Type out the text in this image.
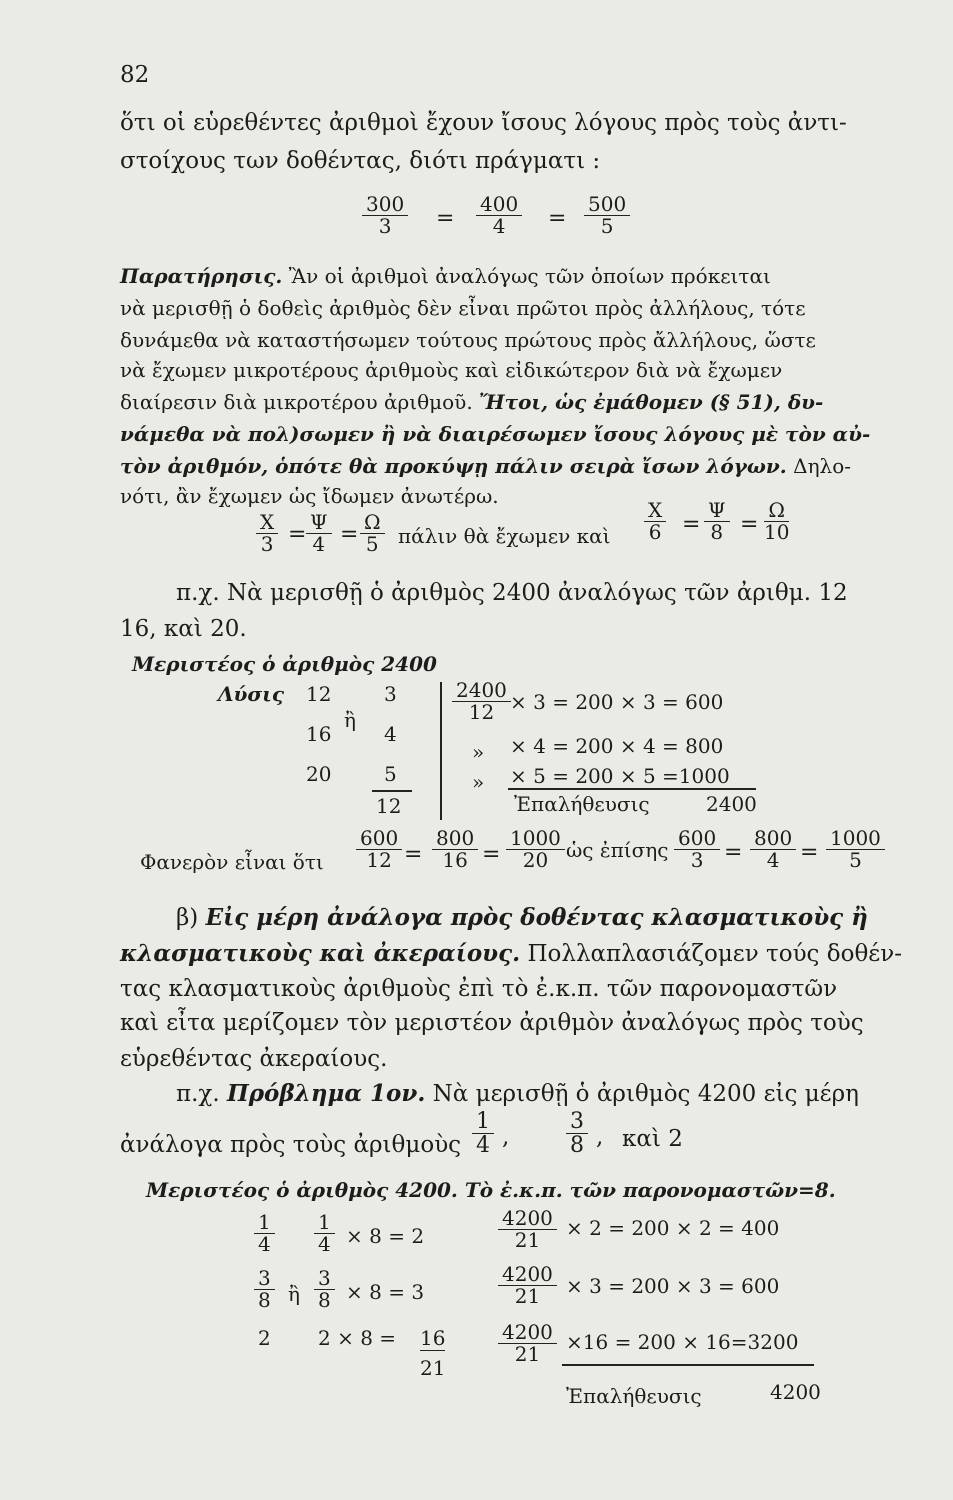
82
ὅτι οἱ εὑρεθέντες ἀριθμοὶ ἔχουν ἴσους λόγους πρὸς τοὺς ἀντι-
στοίχους των δοθέντας, διότι πράγματι :
300
3 =
400
4 =
500
5
Παρατήρησις. Ἂν οἱ ἀριθμοὶ ἀναλόγως τῶν ὁποίων πρόκειται
νὰ μερισθῇ ὁ δοθεὶς ἀριθμὸς δὲν εἶναι πρῶτοι πρὸς ἀλλήλους, τότε
δυνάμεθα νὰ καταστήσωμεν τούτους πρώτους πρὸς ἄλλήλους, ὥστε
νὰ ἔχωμεν μικροτέρους ἀριθμοὺς καὶ εἰδικώτερον διὰ νὰ ἔχωμεν
διαίρεσιν διὰ μικροτέρου ἀριθμοῦ. Ἤτοι, ὡς ἐμάθομεν (§ 51), δυ-
νάμεθα νὰ πολ)σωμεν ἢ νὰ διαιρέσωμεν ἴσους λόγους μὲ τὸν αὐ-
τὸν ἀριθμόν, ὁπότε θὰ προκύψῃ πάλιν σειρὰ ἴσων λόγων. Δηλο-
νότι, ἂν ἔχωμεν ὡς ἴδωμεν ἀνωτέρω.
Χ
3 = Ψ
4 = Ω
5 πάλιν θὰ ἔχωμεν καὶ
Χ
6 =
Ψ
8 =
Ω
10
π.χ. Νὰ μερισθῇ ὁ ἀριθμὸς 2400 ἀναλόγως τῶν ἀριθμ. 12
16, καὶ 20.
Μεριστέος ὁ ἀριθμὸς 2400
Λύσις 12
16
20
ἢ
3
4
5
12
2400
12 × 3 = 200 × 3 = 600
» × 4 = 200 × 4 = 800
» × 5 = 200 × 5 =1000
Ἐπαλήθευσις	2400
Φανερὸν εἶναι ὅτι
600
12 =
800
16 =
1000
20 ὡς ἐπίσης 600
3 =
800
4 =
1000
5
β) Εἰς μέρη ἀνάλογα πρὸς δοθέντας κλασματικοὺς ἢ
κλασματικοὺς καὶ ἀκεραίους. Πολλαπλασιάζομεν τούς δοθέν-
τας κλασματικοὺς ἀριθμοὺς ἐπὶ τὸ ἐ.κ.π. τῶν παρονομαστῶν
καὶ εἶτα μερίζομεν τὸν μεριστέον ἀριθμὸν ἀναλόγως πρὸς τοὺς
εὑρεθέντας ἀκεραίους.
π.χ. Πρόβλημα 1ον. Νὰ μερισθῇ ὁ ἀριθμὸς 4200 εἰς μέρη
ἀνάλογα πρὸς τοὺς ἀριθμοὺς
1
4 ,
3
8 , καὶ 2
Μεριστέος ὁ ἀριθμὸς 4200. Τὸ ἐ.κ.π. τῶν παρονομαστῶν=8.
1
4
1
4 × 8 = 2
4200
21 × 2 = 200 × 2 = 400
3
8 ἢ
3
8 × 8 = 3
4200
21 × 3 = 200 × 3 = 600
2 2 × 8 = 16
21
4200
21 ×16 = 200 × 16=3200
Ἐπαλήθευσις	4200
